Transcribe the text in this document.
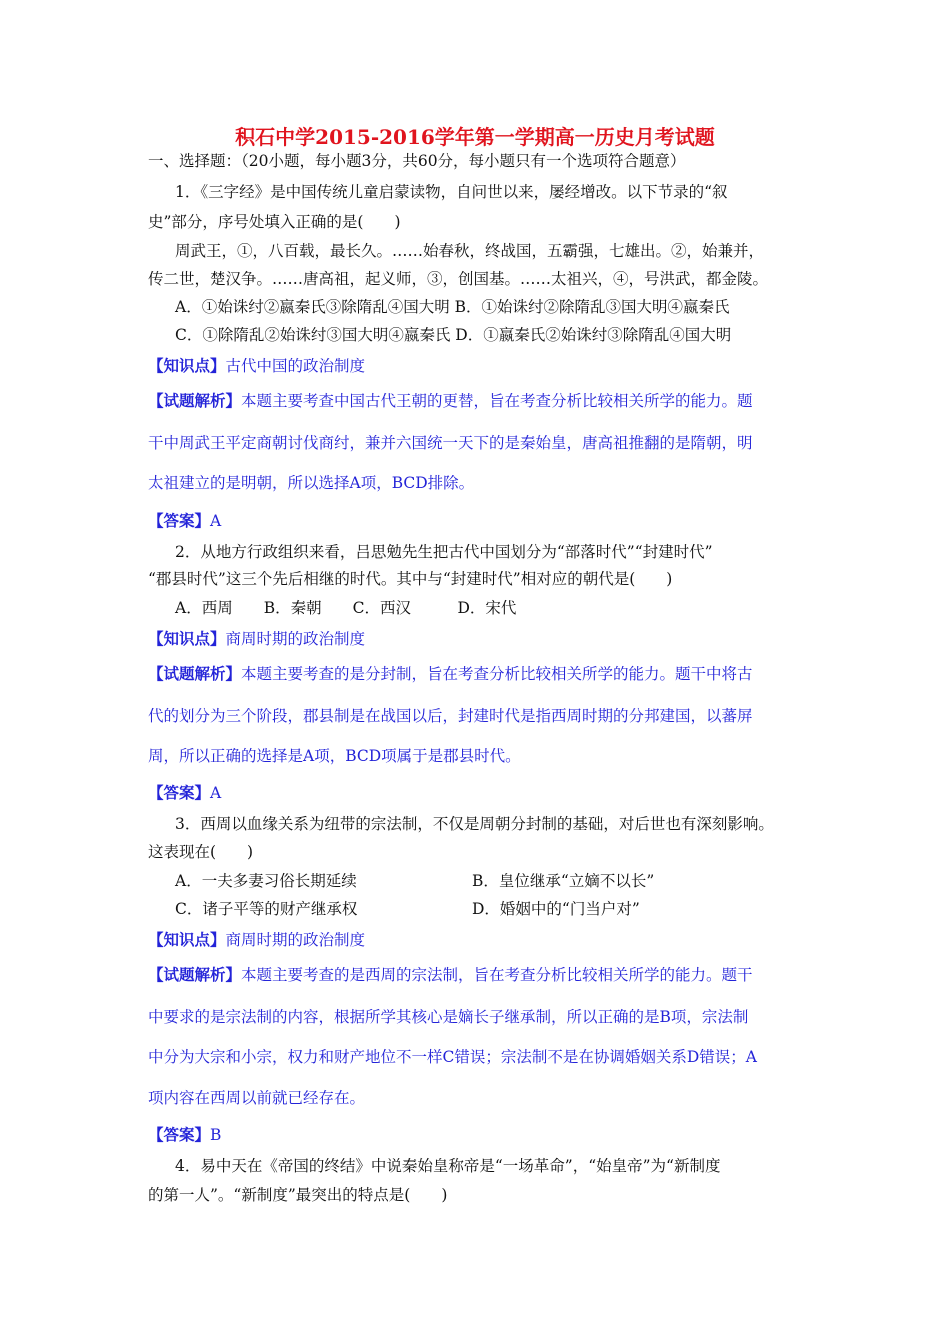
积石中学2015-2016学年第一学期高一历史月考试题

一、选择题：（20小题，每小题3分，共60分，每小题只有一个选项符合题意）

1．《三字经》是中国传统儿童启蒙读物，自问世以来，屡经增改。以下节录的“叙

史”部分，序号处填入正确的是(　　)

周武王，①，八百载，最长久。……始春秋，终战国，五霸强，七雄出。②，始兼并，

传二世，楚汉争。……唐高祖，起义师，③，创国基。……太祖兴，④，号洪武，都金陵。

A．①始诛纣②嬴秦氏③除隋乱④国大明 B．①始诛纣②除隋乱③国大明④嬴秦氏

C．①除隋乱②始诛纣③国大明④嬴秦氏 D．①嬴秦氏②始诛纣③除隋乱④国大明

【知识点】古代中国的政治制度

【试题解析】本题主要考查中国古代王朝的更替，旨在考查分析比较相关所学的能力。题

干中周武王平定商朝讨伐商纣，兼并六国统一天下的是秦始皇，唐高祖推翻的是隋朝，明

太祖建立的是明朝，所以选择A项，BCD排除。

【答案】A

2．从地方行政组织来看，吕思勉先生把古代中国划分为“部落时代”“封建时代”

“郡县时代”这三个先后相继的时代。其中与“封建时代”相对应的朝代是(　　)

A．西周　　B．秦朝　　C．西汉　　　D．宋代

【知识点】商周时期的政治制度

【试题解析】本题主要考查的是分封制，旨在考查分析比较相关所学的能力。题干中将古

代的划分为三个阶段，郡县制是在战国以后，封建时代是指西周时期的分邦建国，以蕃屏

周，所以正确的选择是A项，BCD项属于是郡县时代。

【答案】A

3．西周以血缘关系为纽带的宗法制，不仅是周朝分封制的基础，对后世也有深刻影响。

这表现在(　　)

A．一夫多妻习俗长期延续	B．皇位继承“立嫡不以长”

C．诸子平等的财产继承权	D．婚姻中的“门当户对”

【知识点】商周时期的政治制度

【试题解析】本题主要考查的是西周的宗法制，旨在考查分析比较相关所学的能力。题干

中要求的是宗法制的内容，根据所学其核心是嫡长子继承制，所以正确的是B项，宗法制

中分为大宗和小宗，权力和财产地位不一样C错误；宗法制不是在协调婚姻关系D错误；A

项内容在西周以前就已经存在。

【答案】B

4．易中天在《帝国的终结》中说秦始皇称帝是“一场革命”，“始皇帝”为“新制度

的第一人”。“新制度”最突出的特点是(　　)
